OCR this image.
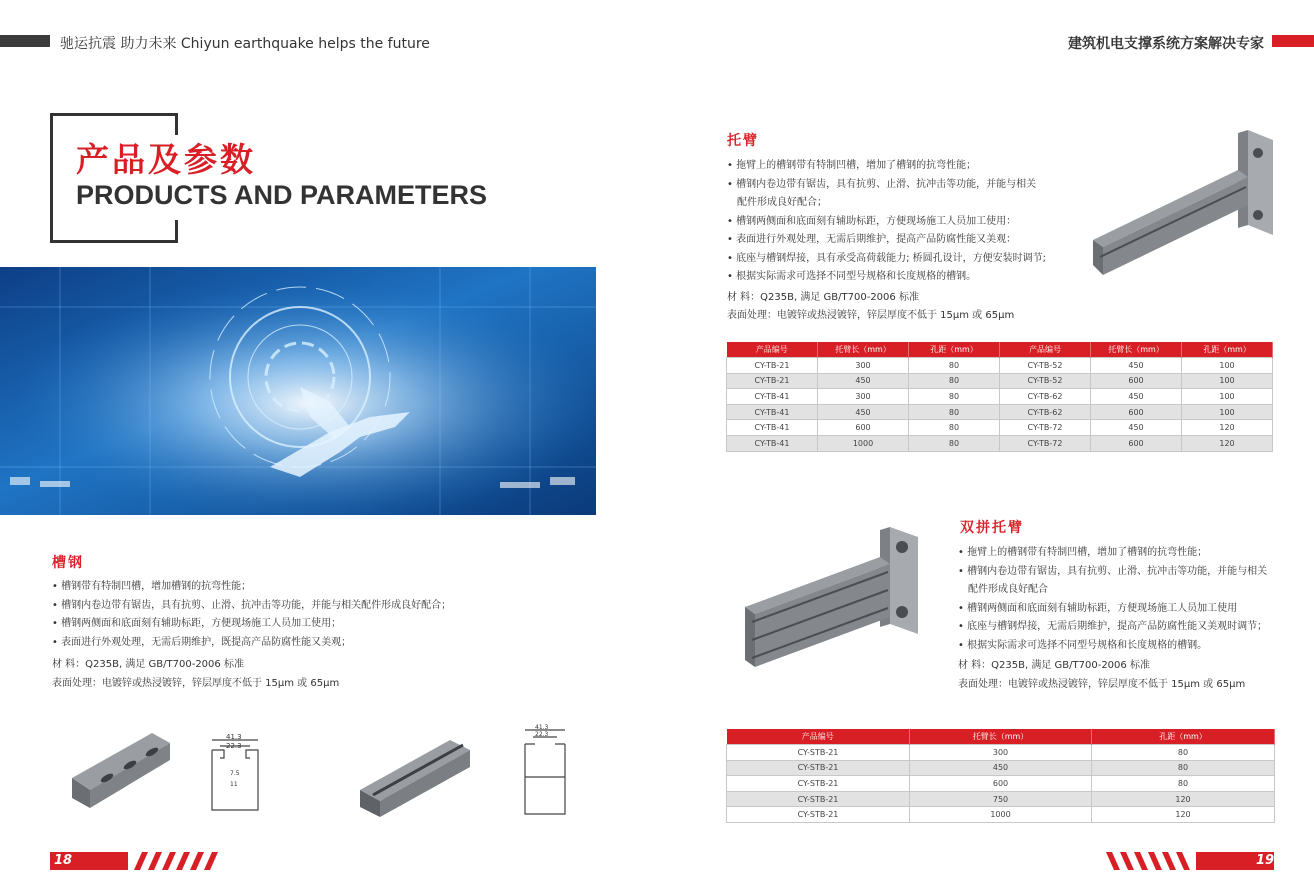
驰运抗震 助力未来 Chiyun earthquake helps the future	建筑机电支撑系统方案解决专家
产品及参数
PRODUCTS AND PARAMETERS
槽钢
• 槽钢带有特制凹槽，增加槽钢的抗弯性能；
• 槽钢内卷边带有锯齿，具有抗剪、止滑、抗冲击等功能，并能与相关配件形成良好配合；
• 槽钢两侧面和底面刻有辅助标距，方便现场施工人员加工使用；
• 表面进行外观处理，无需后期维护，既提高产品防腐性能又美观；
材 料：Q235B, 满足 GB/T700-2006 标准
表面处理：电镀锌或热浸镀锌，锌层厚度不低于 15μm 或 65μm
41.3
22.3
7.5
11
41.3
22.3
18
托臂
• 拖臂上的槽钢带有特制凹槽，增加了槽钢的抗弯性能；
• 槽钢内卷边带有锯齿，具有抗剪、止滑、抗冲击等功能，并能与相关
配件形成良好配合；
• 槽钢两侧面和底面刻有辅助标距，方便现场施工人员加工使用：
• 表面进行外观处理，无需后期维护，提高产品防腐性能又美观：
• 底座与槽钢焊接，具有承受高荷载能力; 桥圆孔设计，方便安装时调节;
• 根据实际需求可选择不同型号规格和长度规格的槽钢。
材 料：Q235B, 满足 GB/T700-2006 标准
表面处理：电镀锌或热浸镀锌，锌层厚度不低于 15μm 或 65μm
产品编号	托臂长（mm）	孔距（mm）	产品编号	托臂长（mm）	孔距（mm）
CY-TB-21	300	80	CY-TB-52	450	100
CY-TB-21	450	80	CY-TB-52	600	100
CY-TB-41	300	80	CY-TB-62	450	100
CY-TB-41	450	80	CY-TB-62	600	100
CY-TB-41	600	80	CY-TB-72	450	120
CY-TB-41	1000	80	CY-TB-72	600	120
双拼托臂
• 拖臂上的槽钢带有特制凹槽，增加了槽钢的抗弯性能；
• 槽钢内卷边带有锯齿，具有抗剪、止滑、抗冲击等功能，并能与相关
配件形成良好配合
• 槽钢两侧面和底面刻有辅助标距，方便现场施工人员加工使用
• 底座与槽钢焊接，无需后期维护，提高产品防腐性能又美观时调节；
• 根据实际需求可选择不同型号规格和长度规格的槽钢。
材 料：Q235B, 满足 GB/T700-2006 标准
表面处理：电镀锌或热浸镀锌，锌层厚度不低于 15μm 或 65μm
产品编号	托臂长（mm）	孔距（mm）
CY-STB-21	300	80
CY-STB-21	450	80
CY-STB-21	600	80
CY-STB-21	750	120
CY-STB-21	1000	120
19
